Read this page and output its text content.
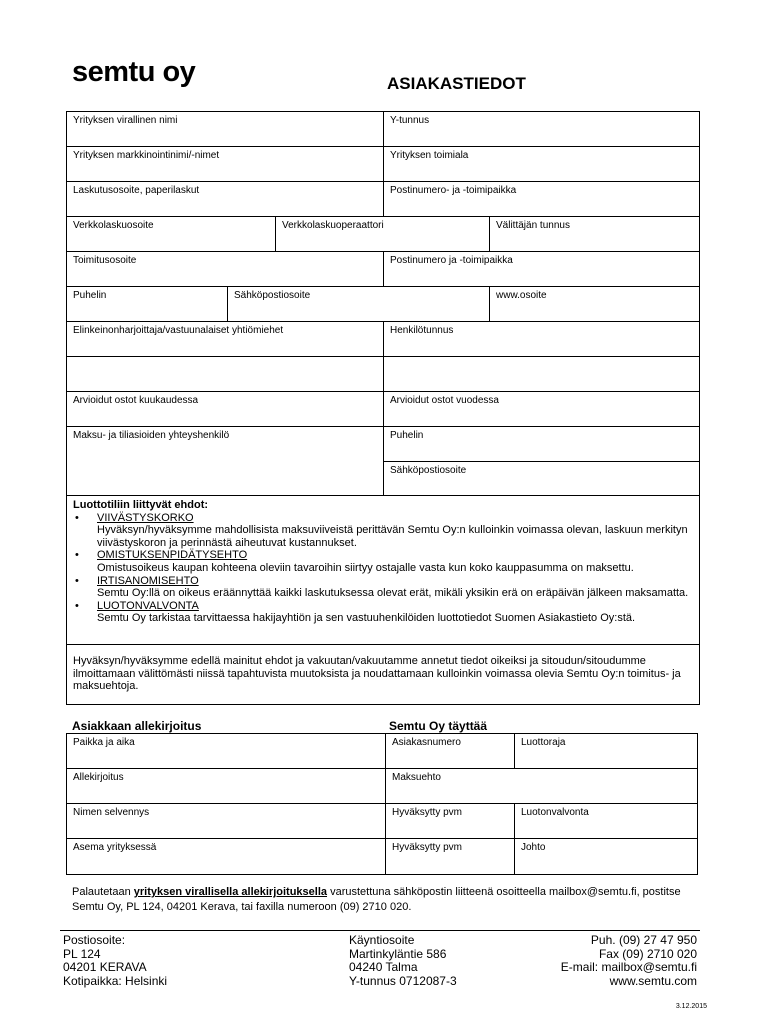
semtu oy	ASIAKASTIEDOT
Yrityksen virallinen nimi	Y-tunnus
Yrityksen markkinointinimi/-nimet	Yrityksen toimiala
Laskutusosoite, paperilaskut	Postinumero- ja -toimipaikka
Verkkolaskuosoite	Verkkolaskuoperaattori	Välittäjän tunnus
Toimitusosoite	Postinumero ja -toimipaikka
Puhelin	Sähköpostiosoite	www.osoite
Elinkeinonharjoittaja/vastuunalaiset yhtiömiehet	Henkilötunnus
Arvioidut ostot kuukaudessa	Arvioidut ostot vuodessa
Maksu- ja tiliasioiden yhteyshenkilö	Puhelin
Sähköpostiosoite
Luottotiliin liittyvät ehdot:
• VIIVÄSTYSKORKO
Hyväksyn/hyväksymme mahdollisista maksuviiveistä perittävän Semtu Oy:n kulloinkin voimassa olevan, laskuun merkityn viivästyskoron ja perinnästä aiheutuvat kustannukset.
• OMISTUKSENPIDÄTYSEHTO
Omistusoikeus kaupan kohteena oleviin tavaroihin siirtyy ostajalle vasta kun koko kauppasumma on maksettu.
• IRTISANOMISEHTO
Semtu Oy:llä on oikeus eräännyttää kaikki laskutuksessa olevat erät, mikäli yksikin erä on eräpäivän jälkeen maksamatta.
• LUOTONVALVONTA
Semtu Oy tarkistaa tarvittaessa hakijayhtiön ja sen vastuuhenkilöiden luottotiedot Suomen Asiakastieto Oy:stä.
Hyväksyn/hyväksymme edellä mainitut ehdot ja vakuutan/vakuutamme annetut tiedot oikeiksi ja sitoudun/sitoudumme ilmoittamaan välittömästi niissä tapahtuvista muutoksista ja noudattamaan kulloinkin voimassa olevia Semtu Oy:n toimitus- ja maksuehtoja.
Asiakkaan allekirjoitus	Semtu Oy täyttää
Paikka ja aika	Asiakasnumero	Luottoraja
Allekirjoitus	Maksuehto
Nimen selvennys	Hyväksytty pvm	Luotonvalvonta
Asema yrityksessä	Hyväksytty pvm	Johto
Palautetaan yrityksen virallisella allekirjoituksella varustettuna sähköpostin liitteenä osoitteella mailbox@semtu.fi, postitse Semtu Oy, PL 124, 04201 Kerava, tai faxilla numeroon (09) 2710 020.
Postiosoite:
PL 124
04201 KERAVA
Kotipaikka: Helsinki
Käyntiosoite
Martinkyläntie 586
04240 Talma
Y-tunnus 0712087-3
Puh. (09) 27 47 950
Fax (09) 2710 020
E-mail: mailbox@semtu.fi
www.semtu.com
3.12.2015
